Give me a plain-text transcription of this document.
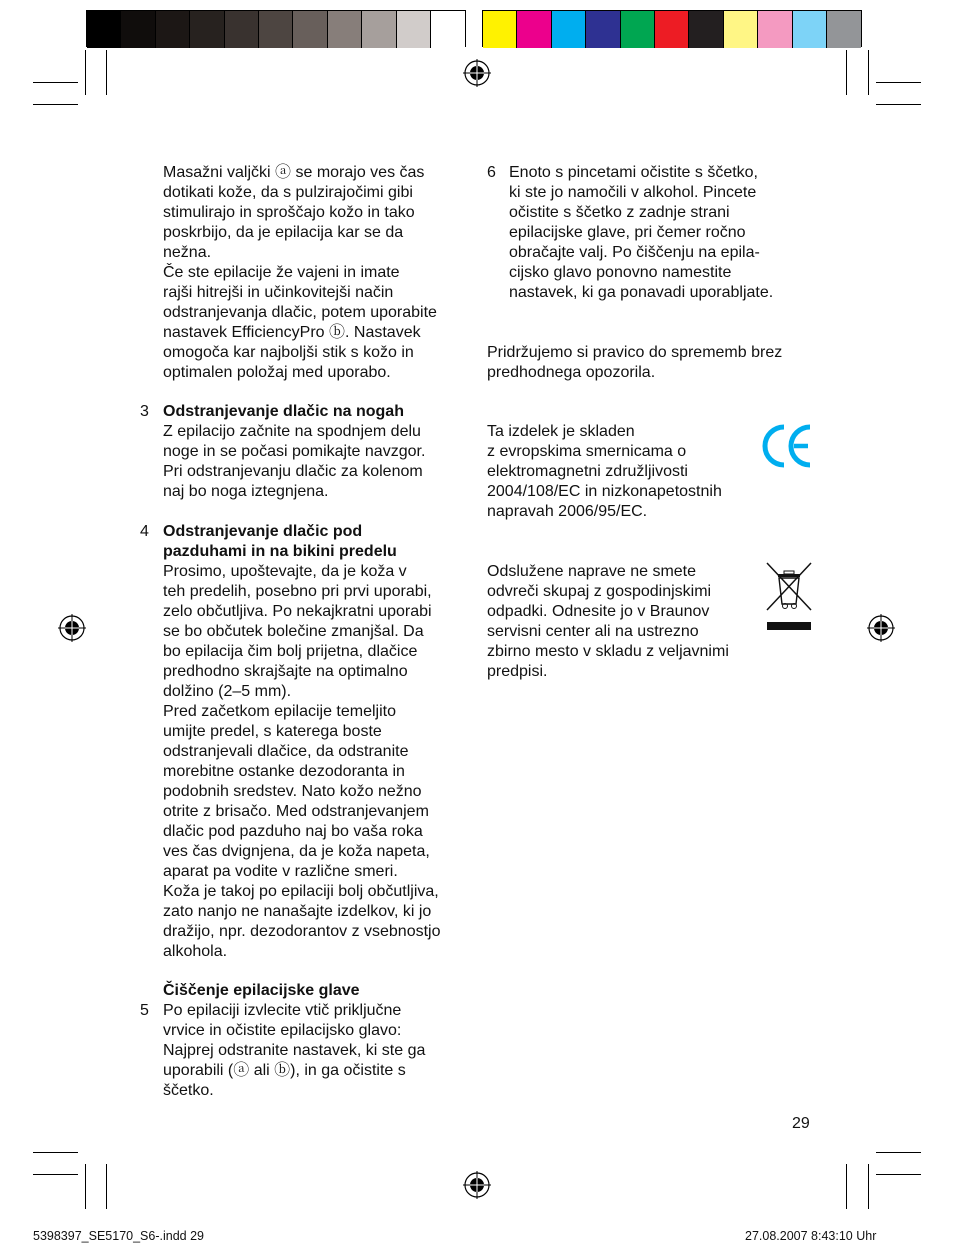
Masažni valjčki ⓐ se morajo ves čas

dotikati kože, da s pulzirajočimi gibi

stimulirajo in sproščajo kožo in tako

poskrbijo, da je epilacija kar se da

nežna.

Če ste epilacije že vajeni in imate

rajši hitrejši in učinkovitejši način

odstranjevanja dlačic, potem uporabite

nastavek EfficiencyPro ⓑ. Nastavek

omogoča kar najboljši stik s kožo in

optimalen položaj med uporabo.

3 Odstranjevanje dlačic na nogah

Z epilacijo začnite na spodnjem delu

noge in se počasi pomikajte navzgor.

Pri odstranjevanju dlačic za kolenom

naj bo noga iztegnjena.

4 Odstranjevanje dlačic pod

pazduhami in na bikini predelu

Prosimo, upoštevajte, da je koža v

teh predelih, posebno pri prvi uporabi,

zelo občutljiva. Po nekajkratni uporabi

se bo občutek bolečine zmanjšal. Da

bo epilacija čim bolj prijetna, dlačice

predhodno skrajšajte na optimalno

dolžino (2–5 mm).

Pred začetkom epilacije temeljito

umijte predel, s katerega boste

odstranjevali dlačice, da odstranite

morebitne ostanke dezodoranta in

podobnih sredstev. Nato kožo nežno

otrite z brisačo. Med odstranjevanjem

dlačic pod pazduho naj bo vaša roka

ves čas dvignjena, da je koža napeta,

aparat pa vodite v različne smeri.

Koža je takoj po epilaciji bolj občutljiva,

zato nanjo ne nanašajte izdelkov, ki jo

dražijo, npr. dezodorantov z vsebnostjo

alkohola.

Čiščenje epilacijske glave

5 Po epilaciji izvlecite vtič priključne

vrvice in očistite epilacijsko glavo:

Najprej odstranite nastavek, ki ste ga

uporabili (ⓐ ali ⓑ), in ga očistite s

ščetko.

6 Enoto s pincetami očistite s ščetko,

ki ste jo namočili v alkohol. Pincete

očistite s ščetko z zadnje strani

epilacijske glave, pri čemer ročno

obračajte valj. Po čiščenju na epila-

cijsko glavo ponovno namestite

nastavek, ki ga ponavadi uporabljate.

Pridržujemo si pravico do sprememb brez

predhodnega opozorila.

Ta izdelek je skladen

z evropskima smernicama o

elektromagnetni združljivosti

2004/108/EC in nizkonapetostnih

napravah 2006/95/EC.

Odslužene naprave ne smete

odvreči skupaj z gospodinjskimi

odpadki. Odnesite jo v Braunov

servisni center ali na ustrezno

zbirno mesto v skladu z veljavnimi

predpisi.

29
5398397_SE5170_S6-.indd 29	27.08.2007 8:43:10 Uhr
